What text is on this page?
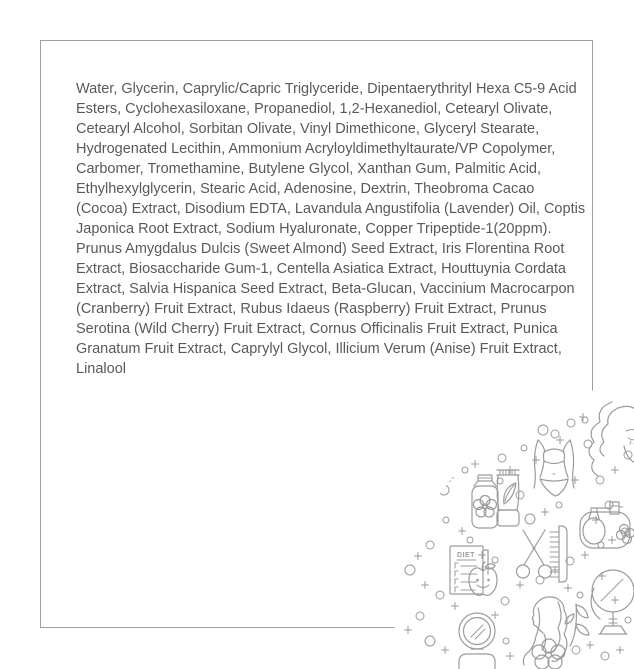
Water, Glycerin, Caprylic/Capric Triglyceride, Dipentaerythrityl Hexa C5-9 Acid
Esters, Cyclohexasiloxane, Propanediol, 1,2-Hexanediol, Cetearyl Olivate,
Cetearyl Alcohol, Sorbitan Olivate, Vinyl Dimethicone, Glyceryl Stearate,
Hydrogenated Lecithin, Ammonium Acryloyldimethyltaurate/VP Copolymer,
Carbomer, Tromethamine, Butylene Glycol, Xanthan Gum, Palmitic Acid,
Ethylhexylglycerin, Stearic Acid, Adenosine, Dextrin, Theobroma Cacao
(Cocoa) Extract, Disodium EDTA, Lavandula Angustifolia (Lavender) Oil, Coptis
Japonica Root Extract, Sodium Hyaluronate, Copper Tripeptide-1(20ppm).
Prunus Amygdalus Dulcis (Sweet Almond) Seed Extract, Iris Florentina Root
Extract, Biosaccharide Gum-1, Centella Asiatica Extract, Houttuynia Cordata
Extract, Salvia Hispanica Seed Extract, Beta-Glucan, Vaccinium Macrocarpon
(Cranberry) Fruit Extract, Rubus Idaeus (Raspberry) Fruit Extract, Prunus
Serotina (Wild Cherry) Fruit Extract, Cornus Officinalis Fruit Extract, Punica
Granatum Fruit Extract, Caprylyl Glycol, Illicium Verum (Anise) Fruit Extract,
Linalool
DIET
